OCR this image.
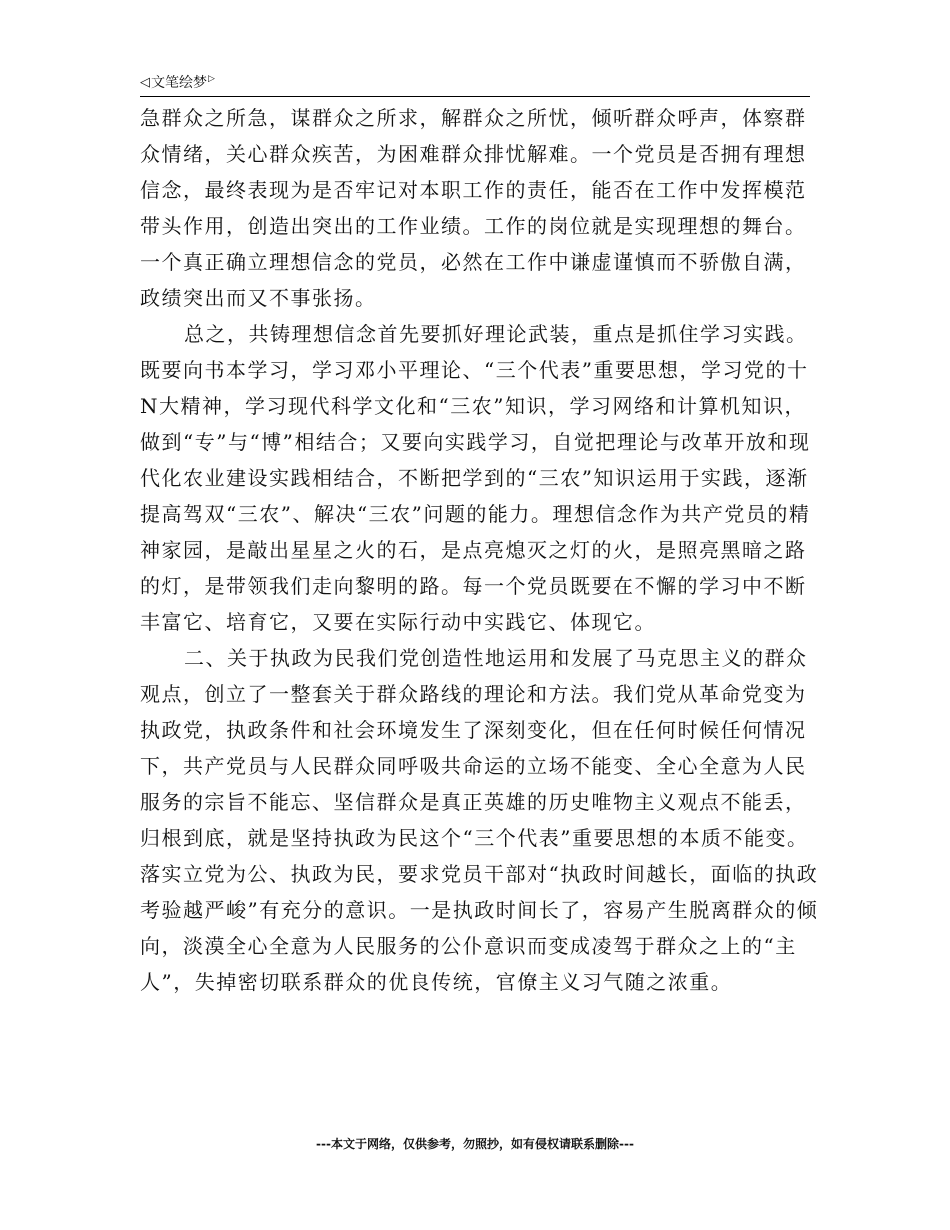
◁ 文笔绘梦 ▷

急群众之所急，谋群众之所求，解群众之所忧，倾听群众呼声，体察群众情绪，关心群众疾苦，为困难群众排忧解难。一个党员是否拥有理想信念，最终表现为是否牢记对本职工作的责任，能否在工作中发挥模范带头作用，创造出突出的工作业绩。工作的岗位就是实现理想的舞台。一个真正确立理想信念的党员，必然在工作中谦虚谨慎而不骄傲自满，政绩突出而又不事张扬。

总之，共铸理想信念首先要抓好理论武装，重点是抓住学习实践。既要向书本学习，学习邓小平理论、“三个代表”重要思想，学习党的十N大精神，学习现代科学文化和“三农”知识，学习网络和计算机知识，做到“专”与“博”相结合；又要向实践学习，自觉把理论与改革开放和现代化农业建设实践相结合，不断把学到的“三农”知识运用于实践，逐渐提高驾双“三农”、解决“三农”问题的能力。理想信念作为共产党员的精神家园，是敲出星星之火的石，是点亮熄灭之灯的火，是照亮黑暗之路的灯，是带领我们走向黎明的路。每一个党员既要在不懈的学习中不断丰富它、培育它，又要在实际行动中实践它、体现它。

二、关于执政为民我们党创造性地运用和发展了马克思主义的群众观点，创立了一整套关于群众路线的理论和方法。我们党从革命党变为执政党，执政条件和社会环境发生了深刻变化，但在任何时候任何情况下，共产党员与人民群众同呼吸共命运的立场不能变、全心全意为人民服务的宗旨不能忘、坚信群众是真正英雄的历史唯物主义观点不能丢，归根到底，就是坚持执政为民这个“三个代表”重要思想的本质不能变。落实立党为公、执政为民，要求党员干部对“执政时间越长，面临的执政考验越严峻”有充分的意识。一是执政时间长了，容易产生脱离群众的倾向，淡漠全心全意为人民服务的公仆意识而变成凌驾于群众之上的“主人”，失掉密切联系群众的优良传统，官僚主义习气随之浓重。

---本文于网络，仅供参考，勿照抄，如有侵权请联系删除---
